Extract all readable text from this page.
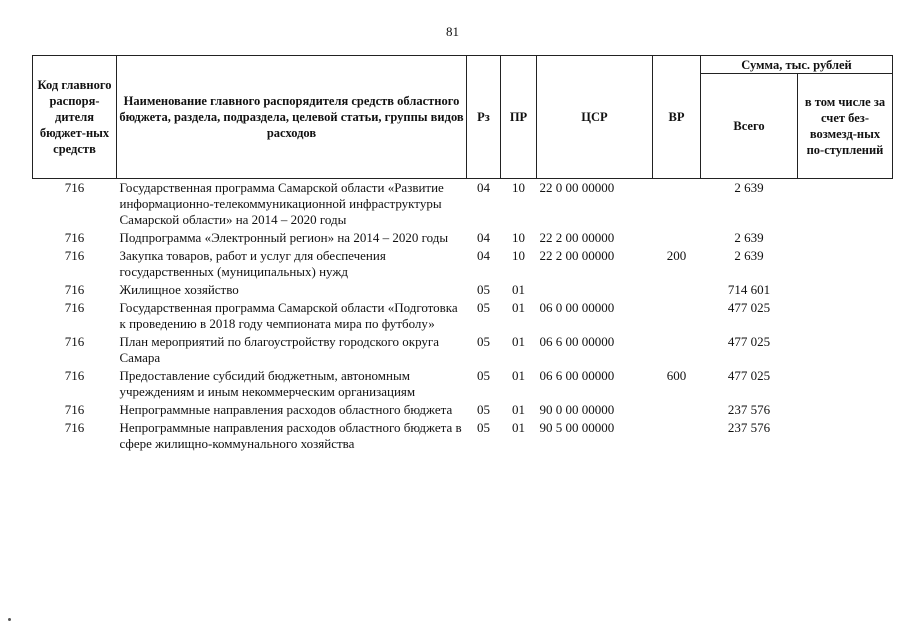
81
Код главного распоря-дителя бюджет-ных средств	Наименование главного распорядителя средств областного бюджета, раздела, подраздела, целевой статьи, группы видов расходов	Рз	ПР	ЦСР	ВР	Сумма, тыс. рублей	
						Всего	в том числе за счет без-возмезд-ных по-ступлений
716	Государственная программа Самарской области «Развитие информационно-телекоммуникационной инфраструктуры Самарской области» на 2014 – 2020 годы	04	10	22 0 00 00000		2 639	
716	Подпрограмма «Электронный регион» на 2014 – 2020 годы	04	10	22 2 00 00000		2 639	
716	Закупка товаров, работ и услуг для обеспечения государственных (муниципальных) нужд	04	10	22 2 00 00000	200	2 639	
716	Жилищное хозяйство	05	01			714 601	
716	Государственная программа Самарской области «Подготовка к проведению в 2018 году чемпионата мира по футболу»	05	01	06 0 00 00000		477 025	
716	План мероприятий по благоустройству городского округа Самара	05	01	06 6 00 00000		477 025	
716	Предоставление субсидий бюджетным, автономным учреждениям и иным некоммерческим организациям	05	01	06 6 00 00000	600	477 025	
716	Непрограммные направления расходов областного бюджета	05	01	90 0 00 00000		237 576	
716	Непрограммные направления расходов областного бюджета в сфере жилищно-коммунального хозяйства	05	01	90 5 00 00000		237 576	
